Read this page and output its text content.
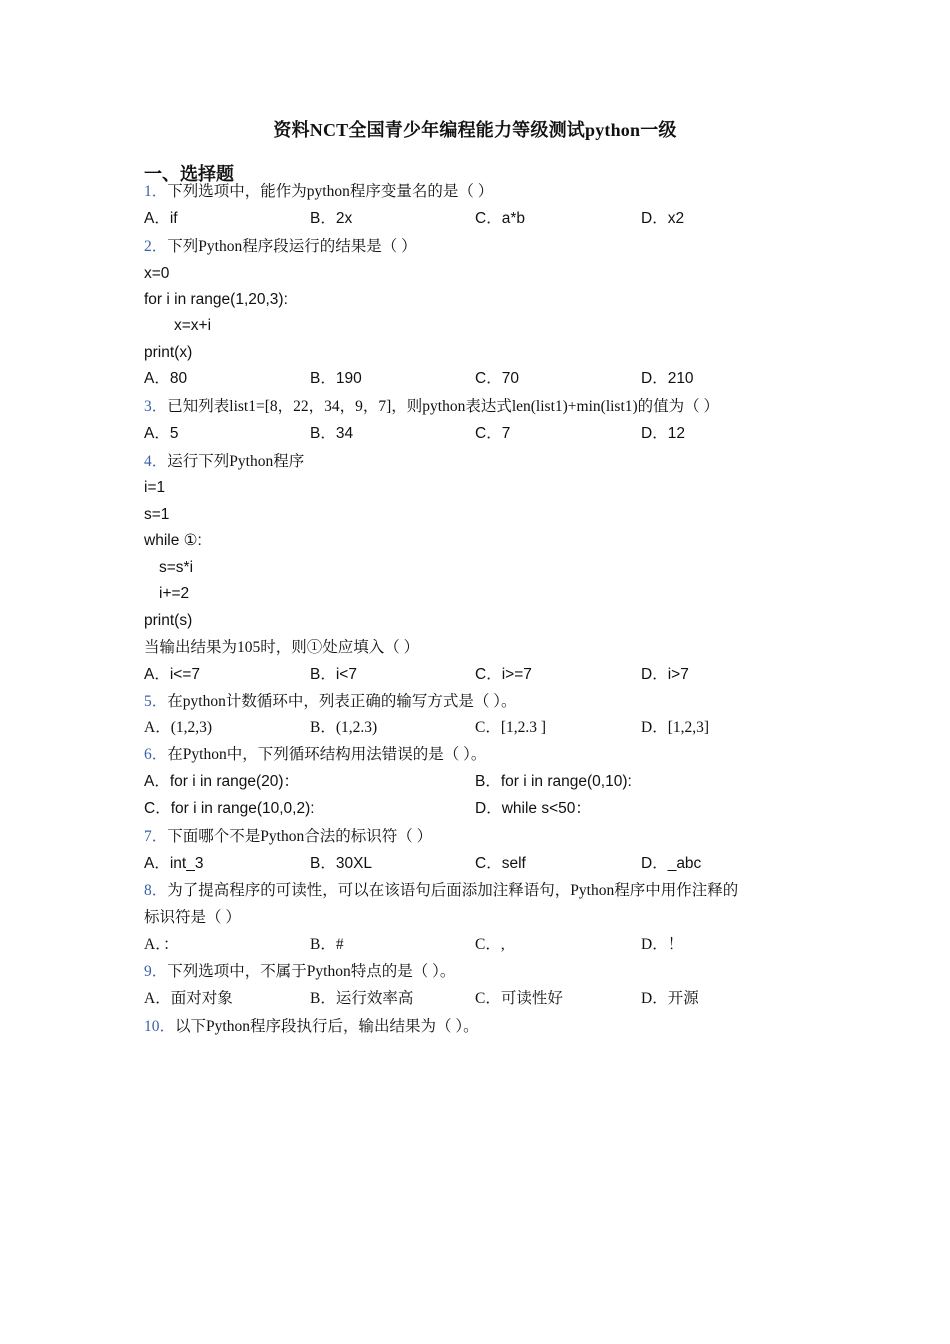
资料NCT全国青少年编程能力等级测试python一级
一、选择题
1．下列选项中，能作为python程序变量名的是（ ）
A．if	B．2x	C．a*b	D．x2
2．下列Python程序段运行的结果是（ ）
x=0
for i in range(1,20,3):
x=x+i
print(x)
A．80	B．190	C．70	D．210
3．已知列表list1=[8，22，34，9，7]，则python表达式len(list1)+min(list1)的值为（ ）
A．5	B．34	C．7	D．12
4．运行下列Python程序
i=1
s=1
while ①:
s=s*i
i+=2
print(s)
当输出结果为105时，则①处应填入（ ）
A．i<=7	B．i<7	C．i>=7	D．i>7
5．在python计数循环中，列表正确的输写方式是（ ）。
A．(1,2,3)	B．(1,2.3)	C．[1,2.3 ]	D．[1,2,3]
6．在Python中，下列循环结构用法错误的是（ ）。
A．for i in range(20)：	B．for i in range(0,10):
C．for i in range(10,0,2):	D．while s<50：
7．下面哪个不是Python合法的标识符（ ）
A．int_3	B．30XL	C．self	D．_abc
8．为了提高程序的可读性，可以在该语句后面添加注释语句，Python程序中用作注释的
标识符是（ ）
A．：	B．#	C．,	D．！
9．下列选项中，不属于Python特点的是（ ）。
A．面对对象	B．运行效率高	C．可读性好	D．开源
10．以下Python程序段执行后，输出结果为（ ）。
